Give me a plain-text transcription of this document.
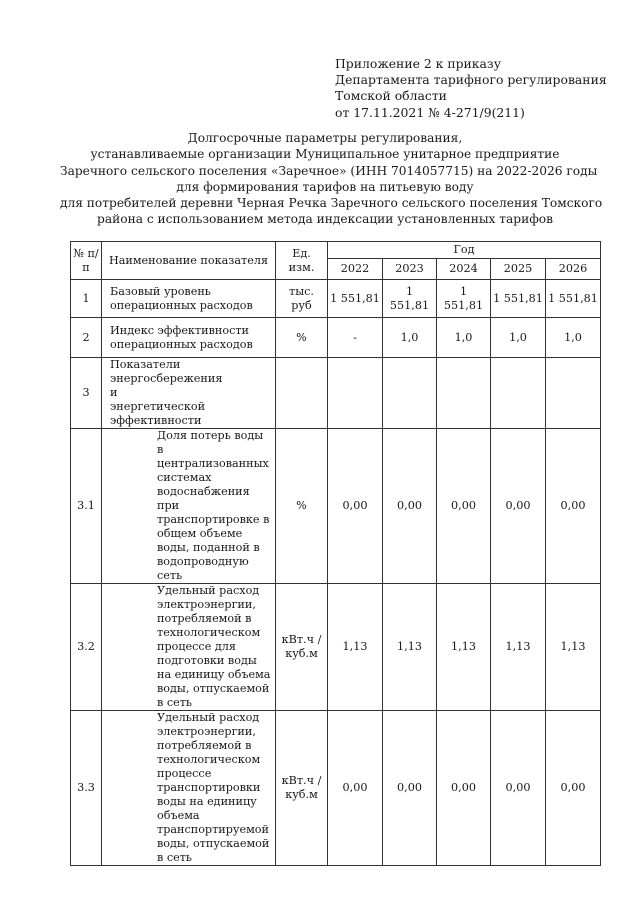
Приложение 2 к приказу
Департамента тарифного регулирования
Томской области
от 17.11.2021 № 4-271/9(211)
Долгосрочные параметры регулирования,
устанавливаемые организации Муниципальное унитарное предприятие
Заречного сельского поселения «Заречное» (ИНН 7014057715) на 2022-2026 годы
для формирования тарифов на питьевую воду
для потребителей деревни Черная Речка Заречного сельского поселения Томского
района с использованием метода индексации установленных тарифов
№ п/п	Наименование показателя	Ед. изм.	Год				
			2022	2023	2024	2025	2026
1	Базовый уровень операционных расходов	тыс. руб	1 551,81	1 551,81	1 551,81	1 551,81	1 551,81
2	Индекс эффективности операционных расходов	%	-	1,0	1,0	1,0	1,0
3	Показатели энергосбережения и энергетической эффективности						
3.1	Доля потерь воды в централизованных системах водоснабжения при транспортировке в общем объеме воды, поданной в водопроводную сеть	%	0,00	0,00	0,00	0,00	0,00
3.2	Удельный расход электроэнергии, потребляемой в технологическом процессе для подготовки воды на единицу объема воды, отпускаемой в сеть	кВт.ч / куб.м	1,13	1,13	1,13	1,13	1,13
3.3	Удельный расход электроэнергии, потребляемой в технологическом процессе транспортировки воды на единицу объема транспортируемой воды, отпускаемой в сеть	кВт.ч / куб.м	0,00	0,00	0,00	0,00	0,00
